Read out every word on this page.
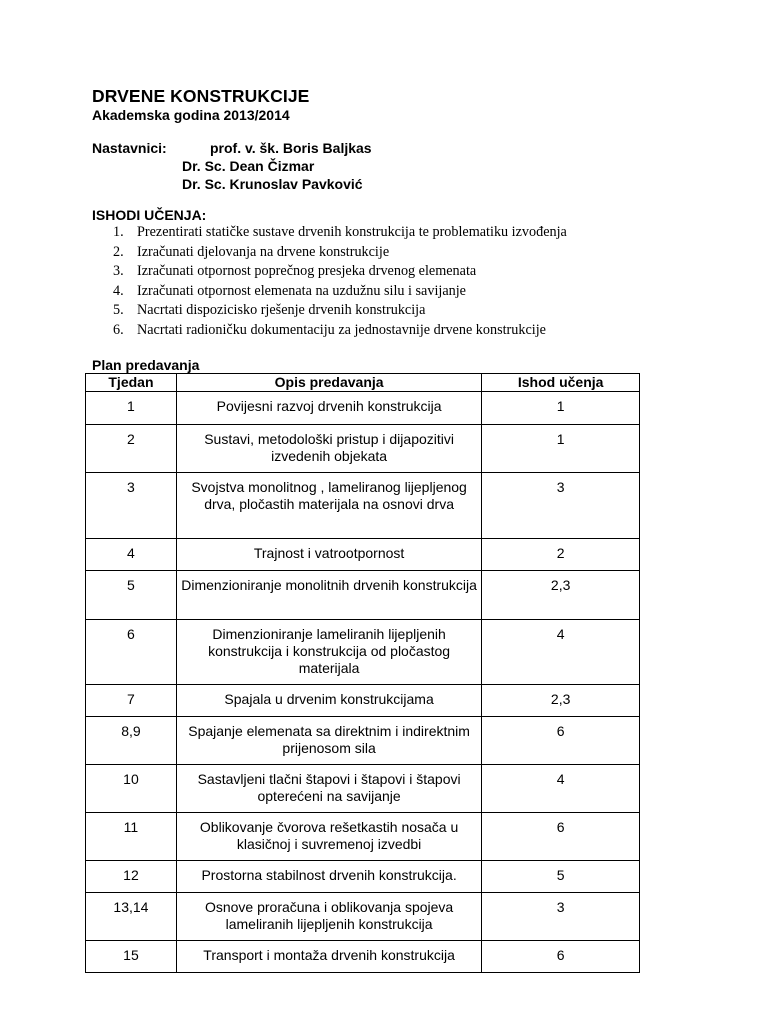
DRVENE KONSTRUKCIJE
Akademska godina 2013/2014
Nastavnici:	prof. v. šk. Boris Baljkas
Dr. Sc. Dean Čizmar
Dr. Sc. Krunoslav Pavković
ISHODI UČENJA:
1. Prezentirati statičke sustave drvenih konstrukcija te problematiku izvođenja
2. Izračunati djelovanja na drvene konstrukcije
3. Izračunati otpornost poprečnog presjeka drvenog elemenata
4. Izračunati otpornost elemenata na uzdužnu silu i savijanje
5. Nacrtati dispozicisko rješenje drvenih konstrukcija
6. Nacrtati radioničku dokumentaciju za jednostavnije drvene konstrukcije
Plan predavanja
Tjedan	Opis predavanja	Ishod učenja
1	Povijesni razvoj drvenih konstrukcija	1
2	Sustavi, metodološki pristup i dijapozitivi izvedenih objekata	1
3	Svojstva monolitnog , lameliranog lijepljenog drva, pločastih materijala na osnovi drva	3
4	Trajnost i vatrootpornost	2
5	Dimenzioniranje monolitnih drvenih konstrukcija	2,3
6	Dimenzioniranje lameliranih lijepljenih konstrukcija i konstrukcija od pločastog materijala	4
7	Spajala u drvenim konstrukcijama	2,3
8,9	Spajanje elemenata sa direktnim i indirektnim prijenosom sila	6
10	Sastavljeni tlačni štapovi i štapovi i štapovi opterećeni na savijanje	4
11	Oblikovanje čvorova rešetkastih nosača u klasičnoj i suvremenoj izvedbi	6
12	Prostorna stabilnost drvenih konstrukcija.	5
13,14	Osnove proračuna i oblikovanja spojeva lameliranih lijepljenih konstrukcija	3
15	Transport i montaža drvenih konstrukcija	6
